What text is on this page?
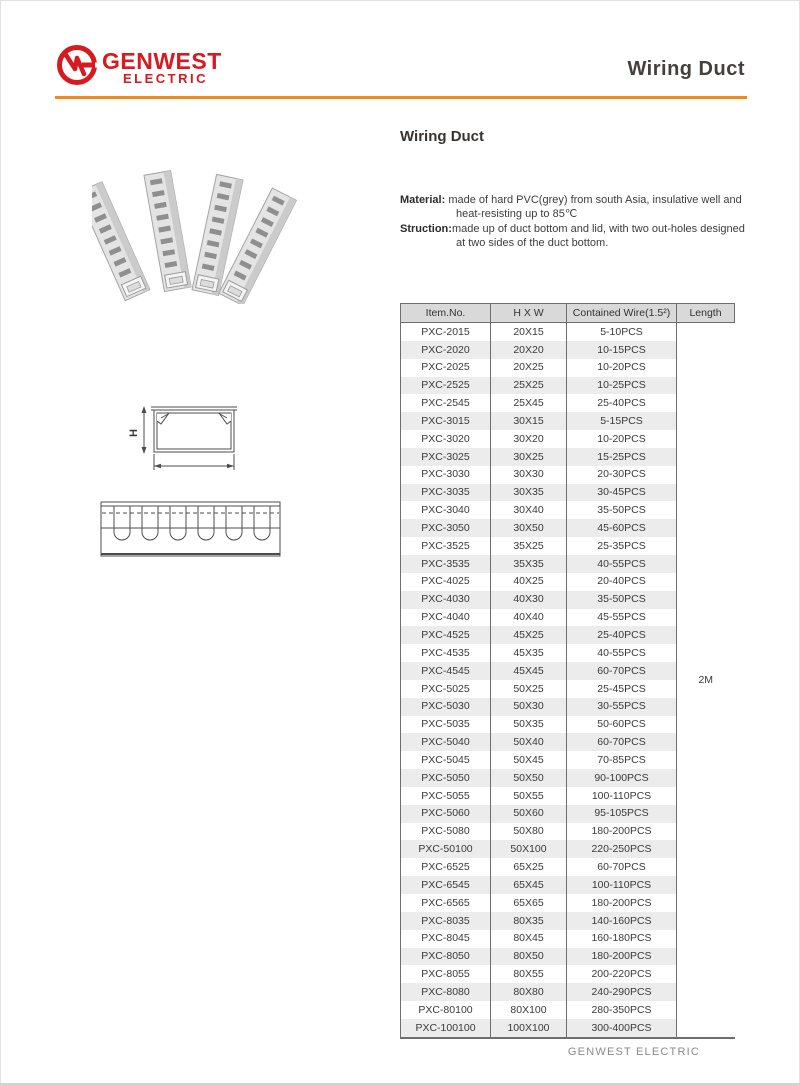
GENWEST
ELECTRIC	Wiring Duct
H
Wiring Duct

Material: made of hard PVC(grey) from south Asia, insulative well and heat-resisting up to 85℃

Struction:made up of duct bottom and lid, with two out-holes designed at two sides of the duct bottom.

Item.No.	H X W	Contained Wire(1.5²)	Length
PXC-2015	20X15	5-10PCS	2M
PXC-2020	20X20	10-15PCS	
PXC-2025	20X25	10-20PCS	
PXC-2525	25X25	10-25PCS	
PXC-2545	25X45	25-40PCS	
PXC-3015	30X15	5-15PCS	
PXC-3020	30X20	10-20PCS	
PXC-3025	30X25	15-25PCS	
PXC-3030	30X30	20-30PCS	
PXC-3035	30X35	30-45PCS	
PXC-3040	30X40	35-50PCS	
PXC-3050	30X50	45-60PCS	
PXC-3525	35X25	25-35PCS	
PXC-3535	35X35	40-55PCS	
PXC-4025	40X25	20-40PCS	
PXC-4030	40X30	35-50PCS	
PXC-4040	40X40	45-55PCS	
PXC-4525	45X25	25-40PCS	
PXC-4535	45X35	40-55PCS	
PXC-4545	45X45	60-70PCS	
PXC-5025	50X25	25-45PCS	
PXC-5030	50X30	30-55PCS	
PXC-5035	50X35	50-60PCS	
PXC-5040	50X40	60-70PCS	
PXC-5045	50X45	70-85PCS	
PXC-5050	50X50	90-100PCS	
PXC-5055	50X55	100-110PCS	
PXC-5060	50X60	95-105PCS	
PXC-5080	50X80	180-200PCS	
PXC-50100	50X100	220-250PCS	
PXC-6525	65X25	60-70PCS	
PXC-6545	65X45	100-110PCS	
PXC-6565	65X65	180-200PCS	
PXC-8035	80X35	140-160PCS	
PXC-8045	80X45	160-180PCS	
PXC-8050	80X50	180-200PCS	
PXC-8055	80X55	200-220PCS	
PXC-8080	80X80	240-290PCS	
PXC-80100	80X100	280-350PCS	
PXC-100100	100X100	300-400PCS	
GENWEST ELECTRIC
